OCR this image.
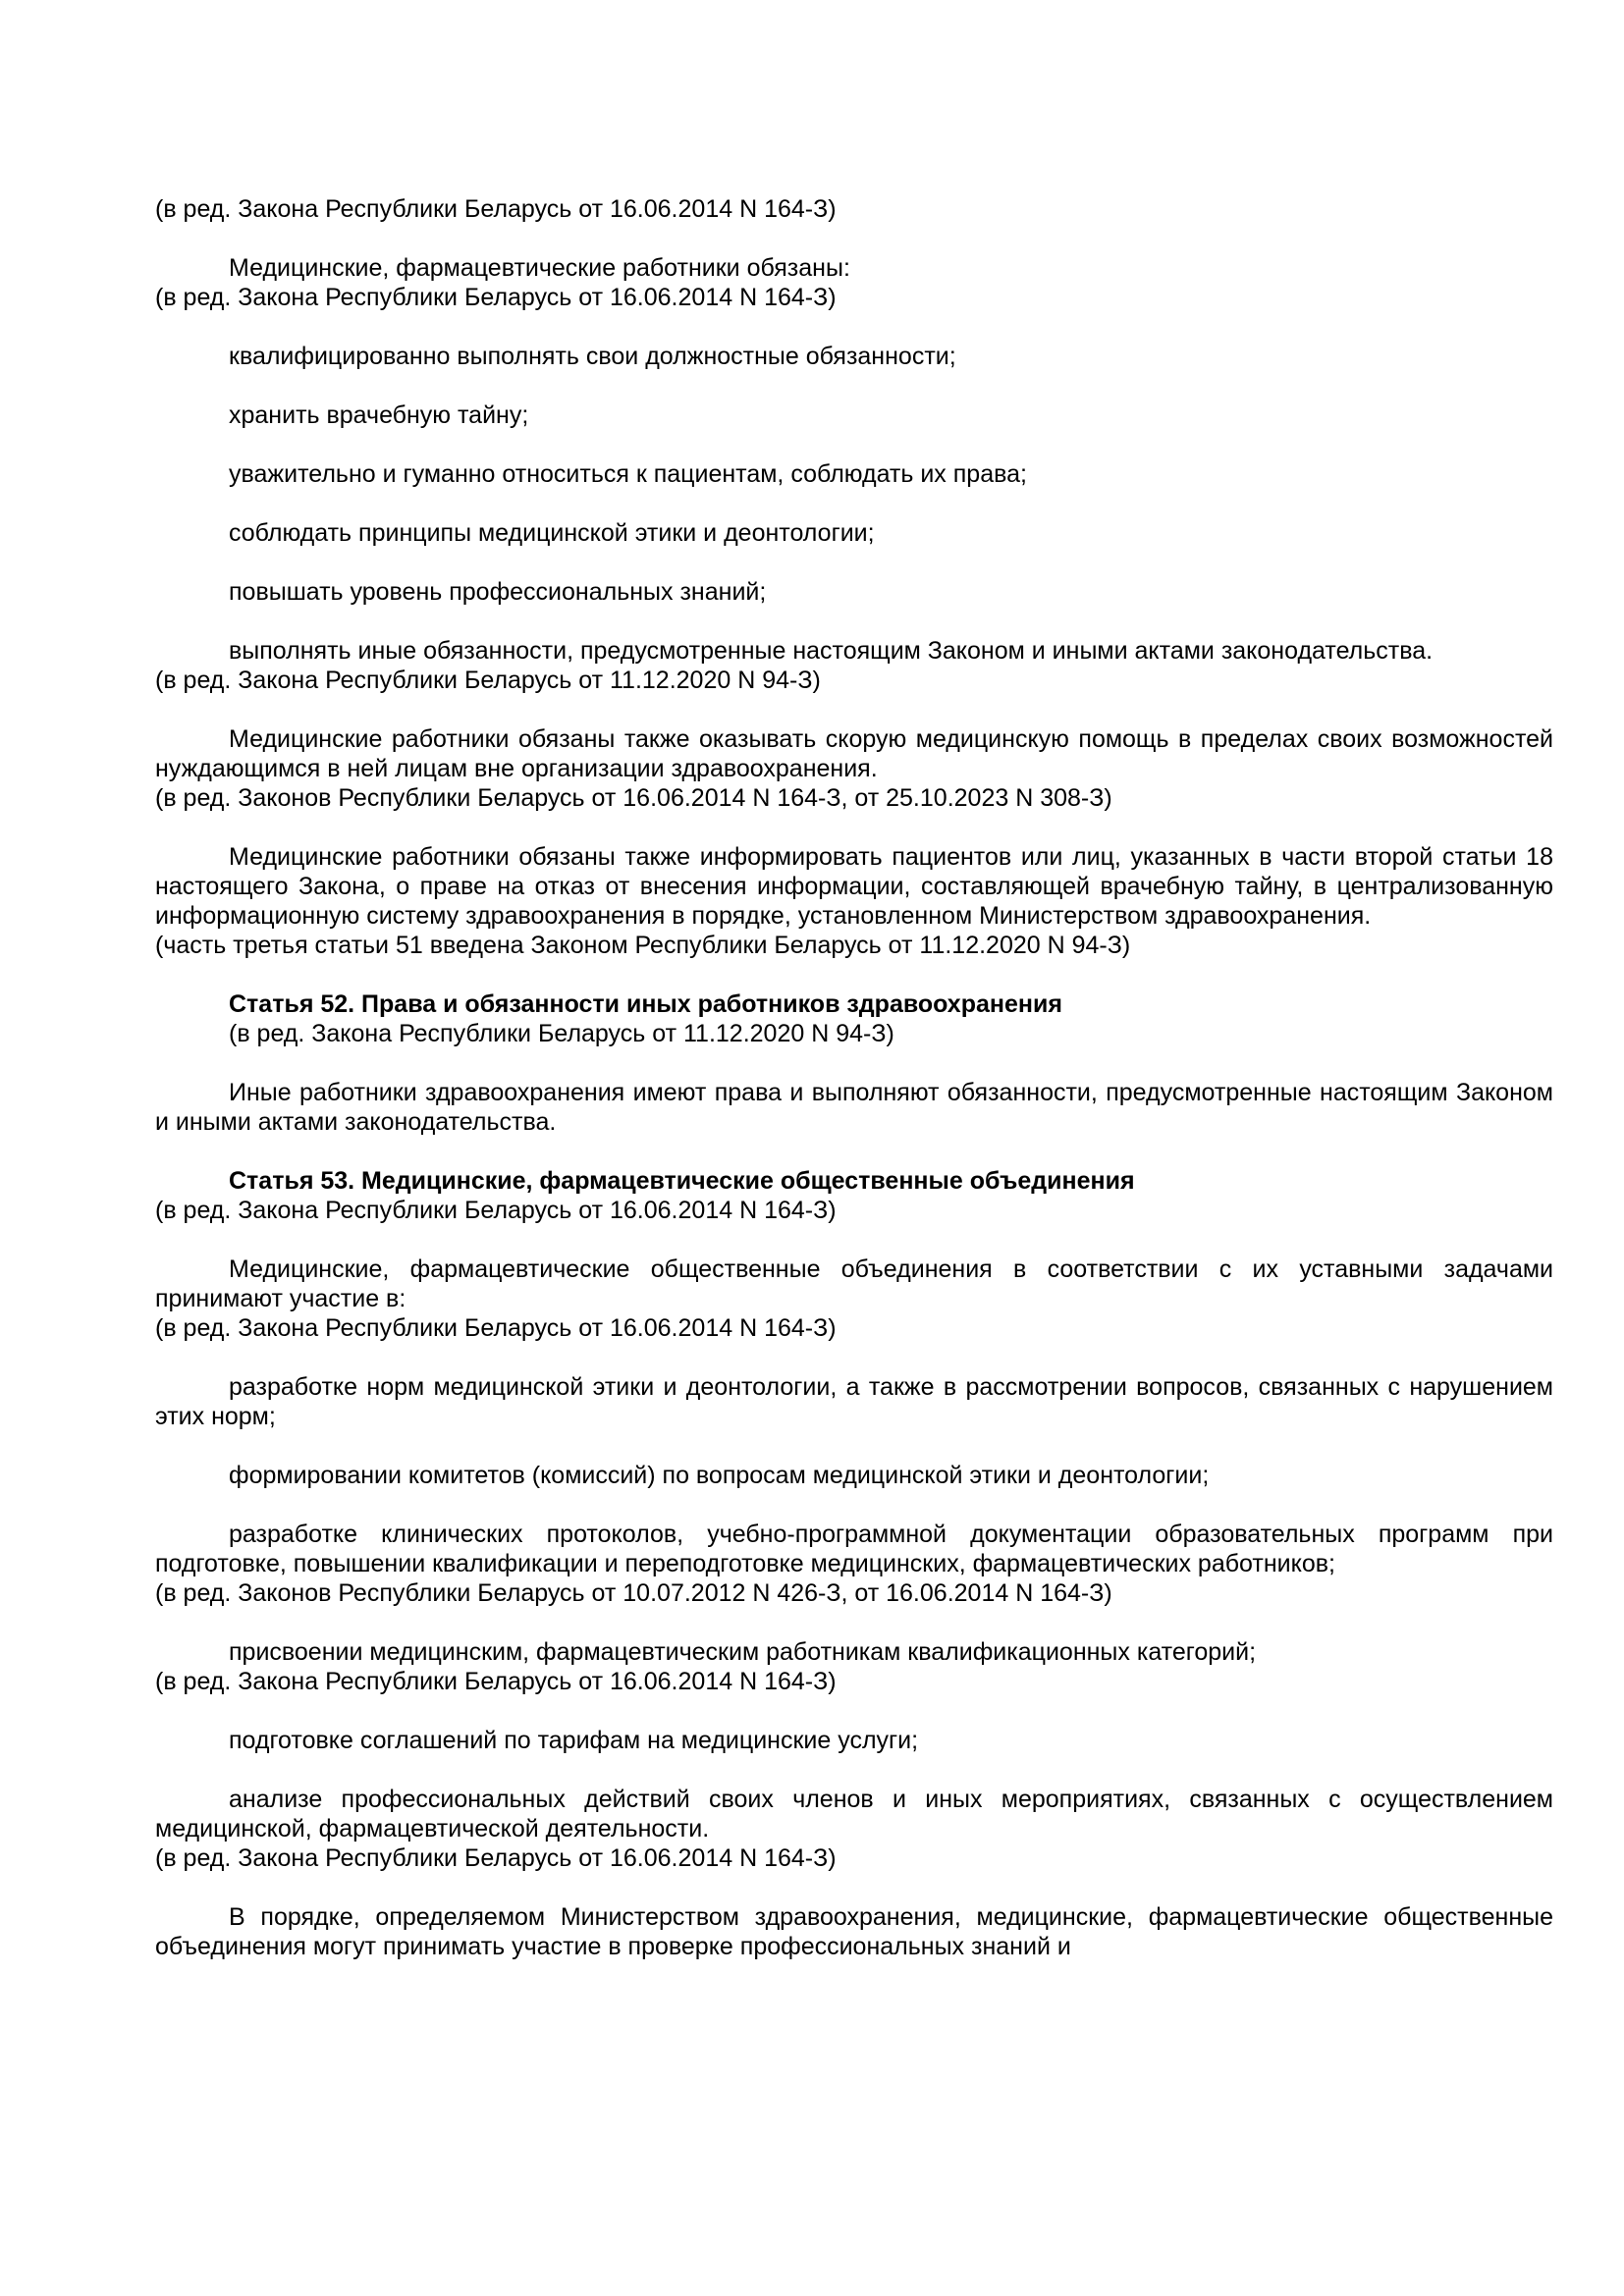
(в ред. Закона Республики Беларусь от 16.06.2014 N 164-З)

Медицинские, фармацевтические работники обязаны:

(в ред. Закона Республики Беларусь от 16.06.2014 N 164-З)

квалифицированно выполнять свои должностные обязанности;

хранить врачебную тайну;

уважительно и гуманно относиться к пациентам, соблюдать их права;

соблюдать принципы медицинской этики и деонтологии;

повышать уровень профессиональных знаний;

выполнять иные обязанности, предусмотренные настоящим Законом и иными актами законодательства.

(в ред. Закона Республики Беларусь от 11.12.2020 N 94-З)

Медицинские работники обязаны также оказывать скорую медицинскую помощь в пределах своих возможностей нуждающимся в ней лицам вне организации здравоохранения.

(в ред. Законов Республики Беларусь от 16.06.2014 N 164-З, от 25.10.2023 N 308-З)

Медицинские работники обязаны также информировать пациентов или лиц, указанных в части второй статьи 18 настоящего Закона, о праве на отказ от внесения информации, составляющей врачебную тайну, в централизованную информационную систему здравоохранения в порядке, установленном Министерством здравоохранения.

(часть третья статьи 51 введена Законом Республики Беларусь от 11.12.2020 N 94-З)

Статья 52. Права и обязанности иных работников здравоохранения

(в ред. Закона Республики Беларусь от 11.12.2020 N 94-З)

Иные работники здравоохранения имеют права и выполняют обязанности, предусмотренные настоящим Законом и иными актами законодательства.

Статья 53. Медицинские, фармацевтические общественные объединения

(в ред. Закона Республики Беларусь от 16.06.2014 N 164-З)

Медицинские, фармацевтические общественные объединения в соответствии с их уставными задачами принимают участие в:

(в ред. Закона Республики Беларусь от 16.06.2014 N 164-З)

разработке норм медицинской этики и деонтологии, а также в рассмотрении вопросов, связанных с нарушением этих норм;

формировании комитетов (комиссий) по вопросам медицинской этики и деонтологии;

разработке клинических протоколов, учебно-программной документации образовательных программ при подготовке, повышении квалификации и переподготовке медицинских, фармацевтических работников;

(в ред. Законов Республики Беларусь от 10.07.2012 N 426-З, от 16.06.2014 N 164-З)

присвоении медицинским, фармацевтическим работникам квалификационных категорий;

(в ред. Закона Республики Беларусь от 16.06.2014 N 164-З)

подготовке соглашений по тарифам на медицинские услуги;

анализе профессиональных действий своих членов и иных мероприятиях, связанных с осуществлением медицинской, фармацевтической деятельности.

(в ред. Закона Республики Беларусь от 16.06.2014 N 164-З)

В порядке, определяемом Министерством здравоохранения, медицинские, фармацевтические общественные объединения могут принимать участие в проверке профессиональных знаний и
